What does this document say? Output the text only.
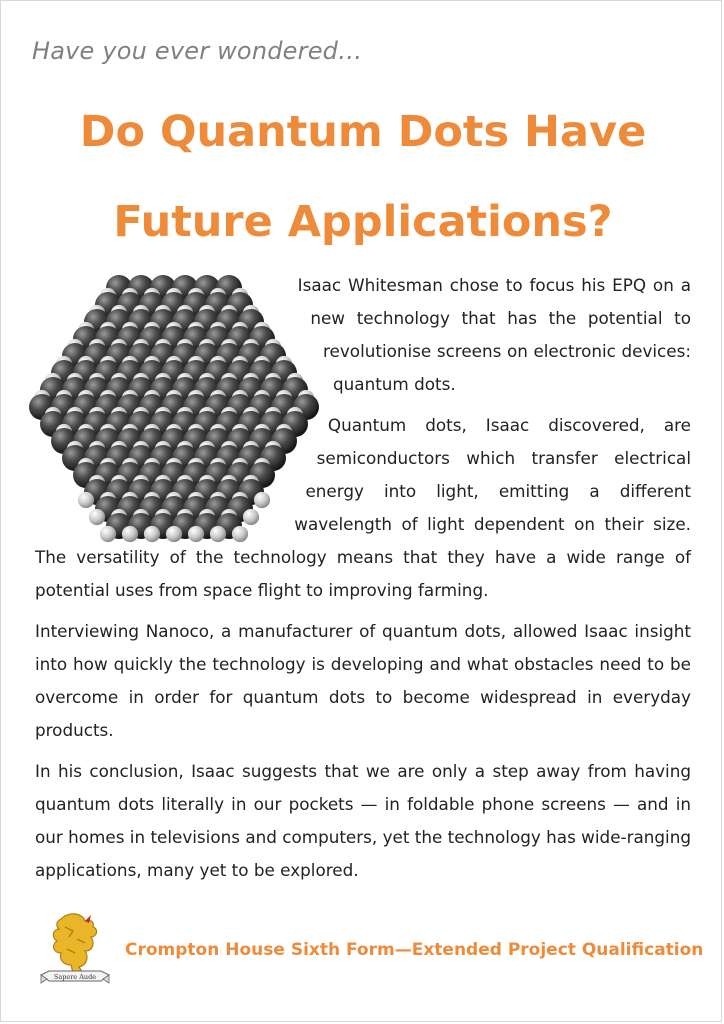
Have you ever wondered…
Do Quantum Dots Have
Future Applications?

Isaac Whitesman chose to focus his EPQ on a new technology that has the potential to revolutionise screens on electronic devices: quantum dots.

Quantum dots, Isaac discovered, are semiconductors which transfer electrical energy into light, emitting a different wavelength of light dependent on their size. The versatility of the technology means that they have a wide range of potential uses from space flight to improving farming.

Interviewing Nanoco, a manufacturer of quantum dots, allowed Isaac insight into how quickly the technology is developing and what obstacles need to be overcome in order for quantum dots to become widespread in everyday products.

In his conclusion, Isaac suggests that we are only a step away from having quantum dots literally in our pockets — in foldable phone screens — and in our homes in televisions and computers, yet the technology has wide-ranging applications, many yet to be explored.

Sapere Aude
Crompton House Sixth Form—Extended Project Qualification
